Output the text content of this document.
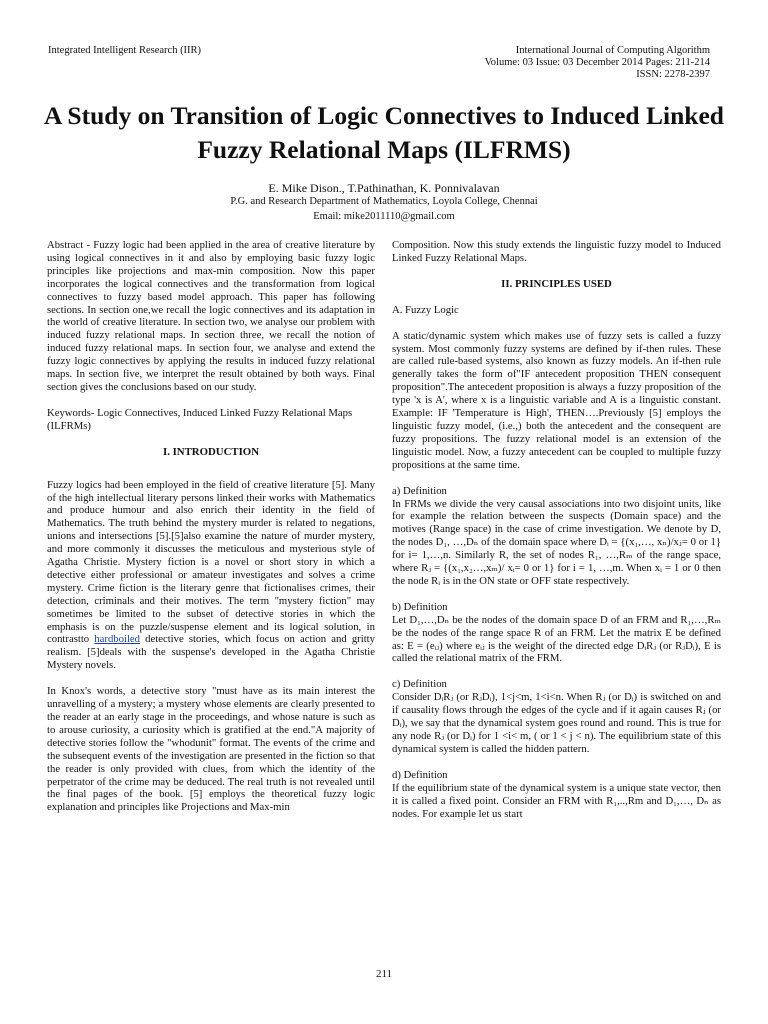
Integrated Intelligent Research (IIR)	International Journal of Computing Algorithm
Volume: 03 Issue: 03 December 2014 Pages: 211-214
ISSN: 2278-2397
A Study on Transition of Logic Connectives to Induced Linked Fuzzy Relational Maps (ILFRMS)
E. Mike Dison., T.Pathinathan, K. Ponnivalavan
P.G. and Research Department of Mathematics, Loyola College, Chennai
Email: mike2011110@gmail.com

Abstract - Fuzzy logic had been applied in the area of creative literature by using logical connectives in it and also by employing basic fuzzy logic principles like projections and max-min composition. Now this paper incorporates the logical connectives and the transformation from logical connectives to fuzzy based model approach. This paper has following sections. In section one,we recall the logic connectives and its adaptation in the world of creative literature. In section two, we analyse our problem with induced fuzzy relational maps. In section three, we recall the notion of induced fuzzy relational maps. In section four, we analyse and extend the fuzzy logic connectives by applying the results in induced fuzzy relational maps. In section five, we interpret the result obtained by both ways. Final section gives the conclusions based on our study.

Keywords- Logic Connectives, Induced Linked Fuzzy Relational Maps (ILFRMs)

I. INTRODUCTION

Fuzzy logics had been employed in the field of creative literature [5]. Many of the high intellectual literary persons linked their works with Mathematics and produce humour and also enrich their identity in the field of Mathematics. The truth behind the mystery murder is related to negations, unions and intersections [5].[5]also examine the nature of murder mystery, and more commonly it discusses the meticulous and mysterious style of Agatha Christie. Mystery fiction is a novel or short story in which a detective either professional or amateur investigates and solves a crime mystery. Crime fiction is the literary genre that fictionalises crimes, their detection, criminals and their motives. The term "mystery fiction" may sometimes be limited to the subset of detective stories in which the emphasis is on the puzzle/suspense element and its logical solution, in contrastto hardboiled detective stories, which focus on action and gritty realism. [5]deals with the suspense's developed in the Agatha Christie Mystery novels.

In Knox's words, a detective story "must have as its main interest the unravelling of a mystery; a mystery whose elements are clearly presented to the reader at an early stage in the proceedings, and whose nature is such as to arouse curiosity, a curiosity which is gratified at the end."A majority of detective stories follow the "whodunit" format. The events of the crime and the subsequent events of the investigation are presented in the fiction so that the reader is only provided with clues, from which the identity of the perpetrator of the crime may be deduced. The real truth is not revealed until the final pages of the book. [5] employs the theoretical fuzzy logic explanation and principles like Projections and Max-min

Composition. Now this study extends the linguistic fuzzy model to Induced Linked Fuzzy Relational Maps.

II. PRINCIPLES USED
A. Fuzzy Logic

A static/dynamic system which makes use of fuzzy sets is called a fuzzy system. Most commonly fuzzy systems are defined by if-then rules. These are called rule-based systems, also known as fuzzy models. An if-then rule generally takes the form of"IF antecedent proposition THEN consequent proposition".The antecedent proposition is always a fuzzy proposition of the type 'x is A', where x is a linguistic variable and A is a linguistic constant. Example: IF 'Temperature is High', THEN….Previously [5] employs the linguistic fuzzy model, (i.e.,) both the antecedent and the consequent are fuzzy propositions. The fuzzy relational model is an extension of the linguistic model. Now, a fuzzy antecedent can be coupled to multiple fuzzy propositions at the same time.

a) Definition

In FRMs we divide the very causal associations into two disjoint units, like for example the relation between the suspects (Domain space) and the motives (Range space) in the case of crime investigation. We denote by D, the nodes D₁, …,Dₙ of the domain space where Dᵢ = {(x₁,…, xₙ)/xⱼ= 0 or 1} for i= 1,…,n. Similarly R, the set of nodes R₁, …,Rₘ of the range space, where Rⱼ = {(x₁,x₂…,xₘ)/ xᵢ= 0 or 1} for i = 1, …,m. When xᵢ = 1 or 0 then the node Rᵢ is in the ON state or OFF state respectively.

b) Definition

Let D₁,…,Dₙ be the nodes of the domain space D of an FRM and R₁,…,Rₘ be the nodes of the range space R of an FRM. Let the matrix E be defined as: E = (eᵢⱼ) where eᵢⱼ is the weight of the directed edge DᵢRⱼ (or RⱼDᵢ), E is called the relational matrix of the FRM.

c) Definition

Consider DᵢRⱼ (or RⱼDᵢ), 1<j<m, 1<i<n. When Rⱼ (or Dᵢ) is switched on and if causality flows through the edges of the cycle and if it again causes Rⱼ (or Dᵢ), we say that the dynamical system goes round and round. This is true for any node Rⱼ (or Dᵢ) for 1 <i< m, ( or 1 < j < n). The equilibrium state of this dynamical system is called the hidden pattern.

d) Definition

If the equilibrium state of the dynamical system is a unique state vector, then it is called a fixed point. Consider an FRM with R₁,..,Rm and D₁,…, Dₙ as nodes. For example let us start

211
